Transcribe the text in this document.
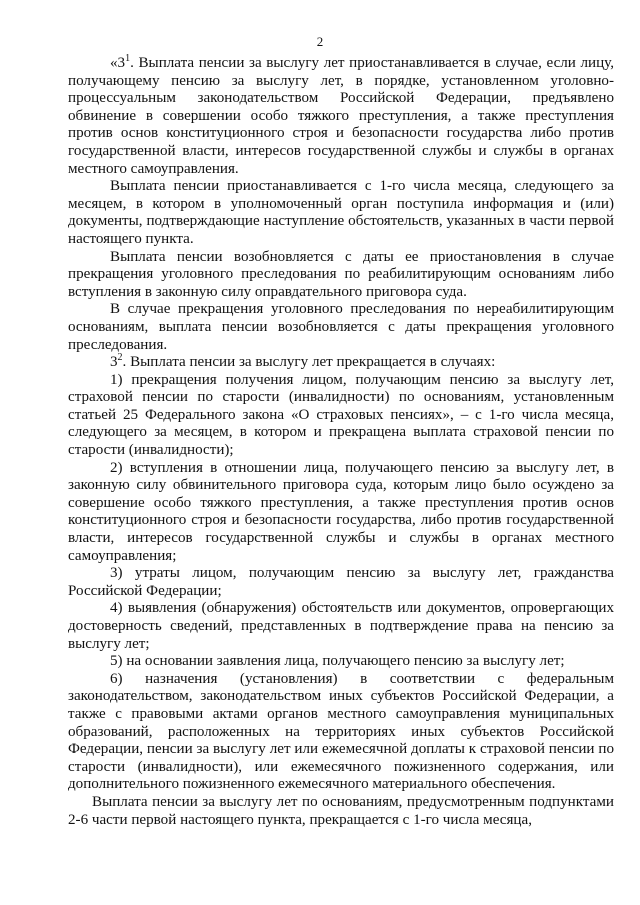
2

«$3^1$. Выплата пенсии за выслугу лет приостанавливается в случае, если лицу, получающему пенсию за выслугу лет, в порядке, установленном уголовно-процессуальным законодательством Российской Федерации, предъявлено обвинение в совершении особо тяжкого преступления, а также преступления против основ конституционного строя и безопасности государства либо против государственной власти, интересов государственной службы и службы в органах местного самоуправления.

Выплата пенсии приостанавливается с 1-го числа месяца, следующего за месяцем, в котором в уполномоченный орган поступила информация и (или) документы, подтверждающие наступление обстоятельств, указанных в части первой настоящего пункта.

Выплата пенсии возобновляется с даты ее приостановления в случае прекращения уголовного преследования по реабилитирующим основаниям либо вступления в законную силу оправдательного приговора суда.

В случае прекращения уголовного преследования по нереабилитирующим основаниям, выплата пенсии возобновляется с даты прекращения уголовного преследования.

$3^2$. Выплата пенсии за выслугу лет прекращается в случаях:

1) прекращения получения лицом, получающим пенсию за выслугу лет, страховой пенсии по старости (инвалидности) по основаниям, установленным статьей 25 Федерального закона «О страховых пенсиях», – с 1-го числа месяца, следующего за месяцем, в котором и прекращена выплата страховой пенсии по старости (инвалидности);

2) вступления в отношении лица, получающего пенсию за выслугу лет, в законную силу обвинительного приговора суда, которым лицо было осуждено за совершение особо тяжкого преступления, а также преступления против основ конституционного строя и безопасности государства, либо против государственной власти, интересов государственной службы и службы в органах местного самоуправления;

3) утраты лицом, получающим пенсию за выслугу лет, гражданства Российской Федерации;

4) выявления (обнаружения) обстоятельств или документов, опровергающих достоверность сведений, представленных в подтверждение права на пенсию за выслугу лет;

5) на основании заявления лица, получающего пенсию за выслугу лет;

6) назначения (установления) в соответствии с федеральным законодательством, законодательством иных субъектов Российской Федерации, а также с правовыми актами органов местного самоуправления муниципальных образований, расположенных на территориях иных субъектов Российской Федерации, пенсии за выслугу лет или ежемесячной доплаты к страховой пенсии по старости (инвалидности), или ежемесячного пожизненного содержания, или дополнительного пожизненного ежемесячного материального обеспечения.

Выплата пенсии за выслугу лет по основаниям, предусмотренным подпунктами 2-6 части первой настоящего пункта, прекращается с 1-го числа месяца,
